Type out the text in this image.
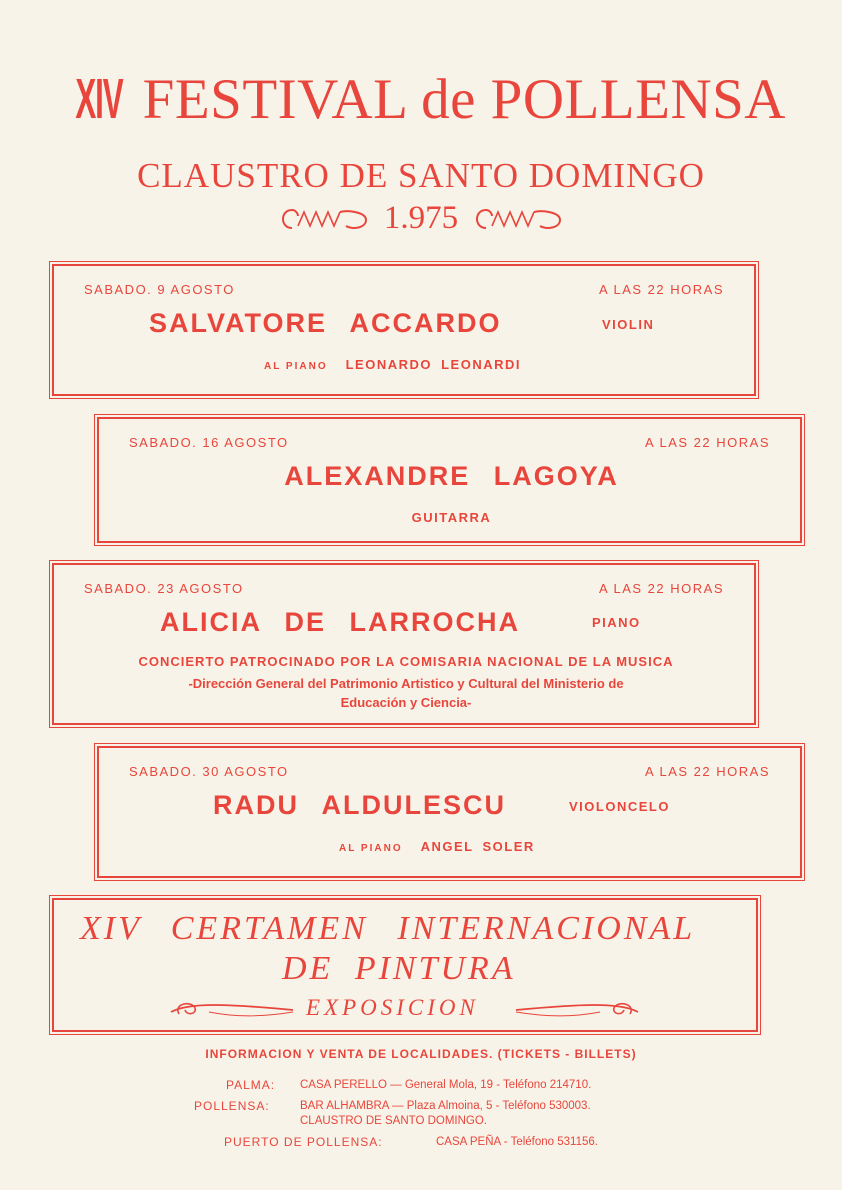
XIV FESTIVAL de POLLENSA
CLAUSTRO DE SANTO DOMINGO
1.975
SABADO. 9 AGOSTO	A LAS 22 HORAS
SALVATORE ACCARDO	VIOLIN
AL PIANO LEONARDO LEONARDI
SABADO. 16 AGOSTO	A LAS 22 HORAS
ALEXANDRE LAGOYA
GUITARRA
SABADO. 23 AGOSTO	A LAS 22 HORAS
ALICIA DE LARROCHA	PIANO
CONCIERTO PATROCINADO POR LA COMISARIA NACIONAL DE LA MUSICA
-Dirección General del Patrimonio Artistico y Cultural del Ministerio de
Educación y Ciencia-
SABADO. 30 AGOSTO	A LAS 22 HORAS
RADU ALDULESCU	VIOLONCELO
AL PIANO ANGEL SOLER
XIV CERTAMEN INTERNACIONAL
DE PINTURA
EXPOSICION
INFORMACION Y VENTA DE LOCALIDADES. (TICKETS - BILLETS)
PALMA: CASA PERELLO — General Mola, 19 - Teléfono 214710.
POLLENSA:	BAR ALHAMBRA — Plaza Almoina, 5 - Teléfono 530003.
CLAUSTRO DE SANTO DOMINGO.
PUERTO DE POLLENSA:	CASA PEÑA - Teléfono 531156.
